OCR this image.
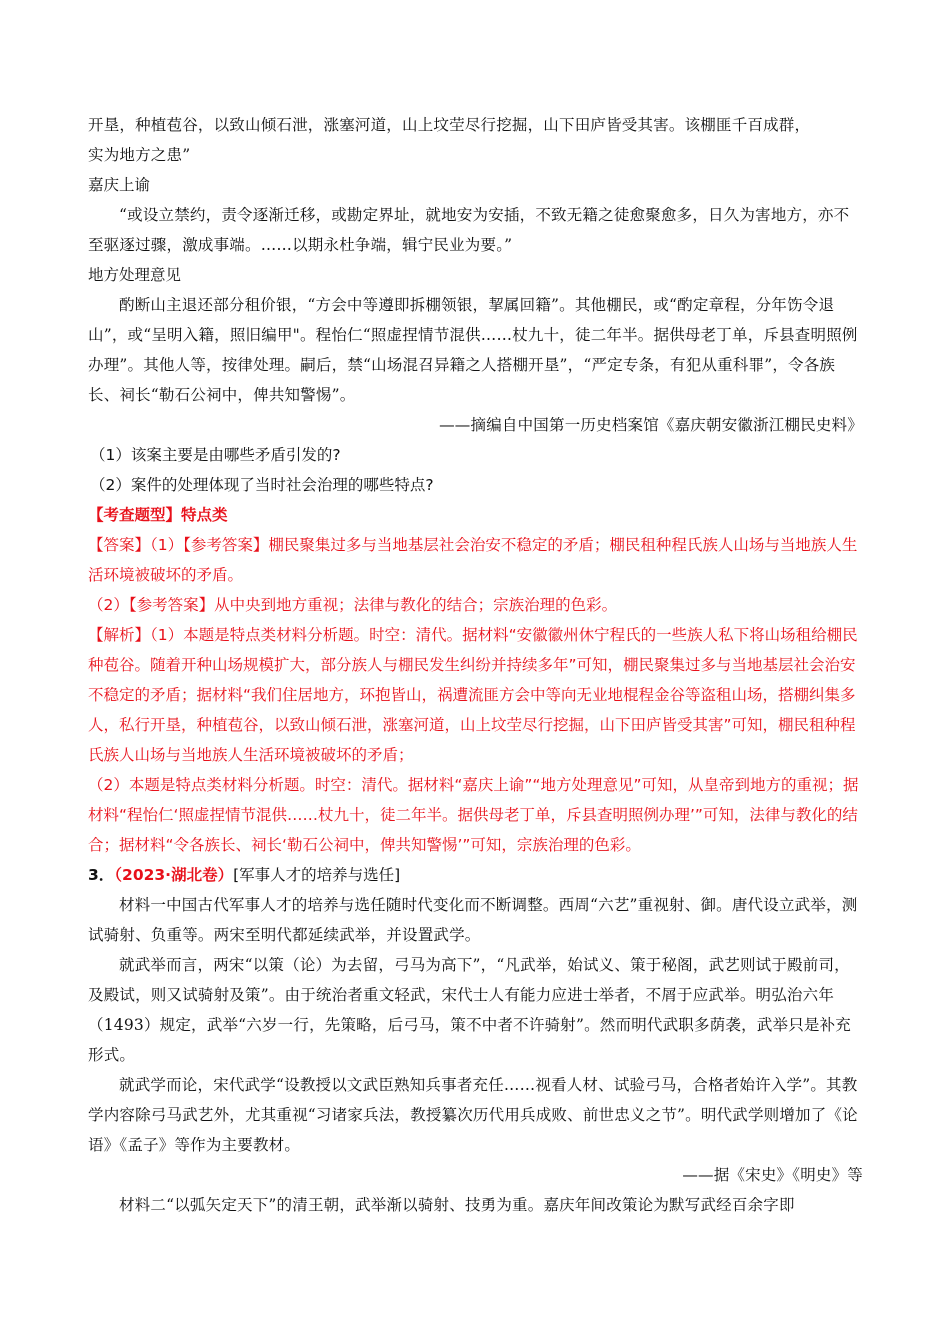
开垦，种植苞谷，以致山倾石泄，涨塞河道，山上坟茔尽行挖掘，山下田庐皆受其害。该棚匪千百成群，

实为地方之患”

嘉庆上谕

“或设立禁约，责令逐渐迁移，或勘定界址，就地安为安插，不致无籍之徒愈聚愈多，日久为害地方，亦不至驱逐过骤，激成事端。……以期永杜争端，辑宁民业为要。”

地方处理意见

酌断山主退还部分租价银，“方会中等遵即拆棚领银，挈属回籍”。其他棚民，或“酌定章程，分年饬令退山”，或“呈明入籍，照旧编甲"。程怡仁“照虚捏情节混供……杖九十，徒二年半。据供母老丁单，斥县查明照例办理”。其他人等，按律处理。嗣后，禁“山场混召异籍之人搭棚开垦”，“严定专条，有犯从重科罪”，令各族长、祠长“勒石公祠中，俾共知警惕”。

——摘编自中国第一历史档案馆《嘉庆朝安徽浙江棚民史料》

（1）该案主要是由哪些矛盾引发的?

（2）案件的处理体现了当时社会治理的哪些特点?

【考查题型】特点类

【答案】（1）【参考答案】棚民聚集过多与当地基层社会治安不稳定的矛盾；棚民租种程氏族人山场与当地族人生活环境被破坏的矛盾。

（2）【参考答案】从中央到地方重视；法律与教化的结合；宗族治理的色彩。

【解析】（1）本题是特点类材料分析题。时空：清代。据材料“安徽徽州休宁程氏的一些族人私下将山场租给棚民种苞谷。随着开种山场规模扩大，部分族人与棚民发生纠纷并持续多年”可知，棚民聚集过多与当地基层社会治安不稳定的矛盾；据材料“我们住居地方，环抱皆山，祸遭流匪方会中等向无业地棍程金谷等盗租山场，搭棚纠集多人，私行开垦，种植苞谷，以致山倾石泄，涨塞河道，山上坟茔尽行挖掘，山下田庐皆受其害”可知，棚民租种程氏族人山场与当地族人生活环境被破坏的矛盾；

（2）本题是特点类材料分析题。时空：清代。据材料“嘉庆上谕”“地方处理意见”可知，从皇帝到地方的重视；据材料“程怡仁‘照虚捏情节混供……杖九十，徒二年半。据供母老丁单，斥县查明照例办理’”可知，法律与教化的结合；据材料“令各族长、祠长‘勒石公祠中，俾共知警惕’”可知，宗族治理的色彩。

3．（2023·湖北卷）[军事人才的培养与选任]

材料一中国古代军事人才的培养与选任随时代变化而不断调整。西周“六艺”重视射、御。唐代设立武举，测试骑射、负重等。两宋至明代都延续武举，并设置武学。

就武举而言，两宋“以策（论）为去留，弓马为高下”，“凡武举，始试义、策于秘阁，武艺则试于殿前司，及殿试，则又试骑射及策”。由于统治者重文轻武，宋代士人有能力应进士举者，不屑于应武举。明弘治六年（1493）规定，武举“六岁一行，先策略，后弓马，策不中者不许骑射”。然而明代武职多荫袭，武举只是补充形式。

就武学而论，宋代武学“设教授以文武臣熟知兵事者充任……视看人材、试验弓马，合格者始许入学”。其教学内容除弓马武艺外，尤其重视“习诸家兵法，教授纂次历代用兵成败、前世忠义之节”。明代武学则增加了《论语》《孟子》等作为主要教材。

——据《宋史》《明史》等

材料二“以弧矢定天下”的清王朝，武举渐以骑射、技勇为重。嘉庆年间改策论为默写武经百余字即
